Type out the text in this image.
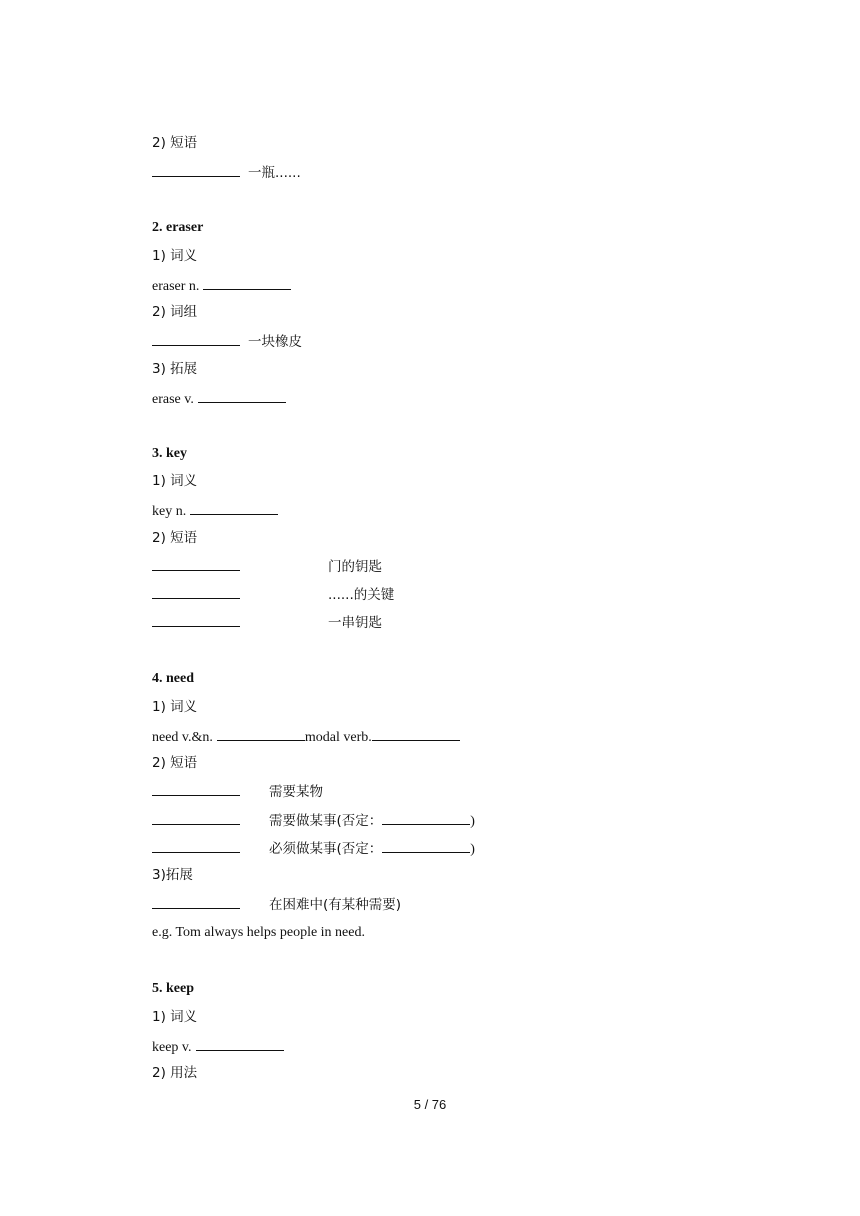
2) 短语
一瓶......
2. eraser
1) 词义
eraser n.
2) 词组
一块橡皮
3) 拓展
erase v.
3. key
1) 词义
key n.
2) 短语
门的钥匙
......的关键
一串钥匙
4. need
1) 词义
need v.&n.	modal verb.
2) 短语
需要某物
需要做某事(否定：	)
必须做某事(否定：	)
3)拓展
在困难中(有某种需要)
e.g. Tom always helps people in need.
5. keep
1) 词义
keep v.
2) 用法
5 / 76
